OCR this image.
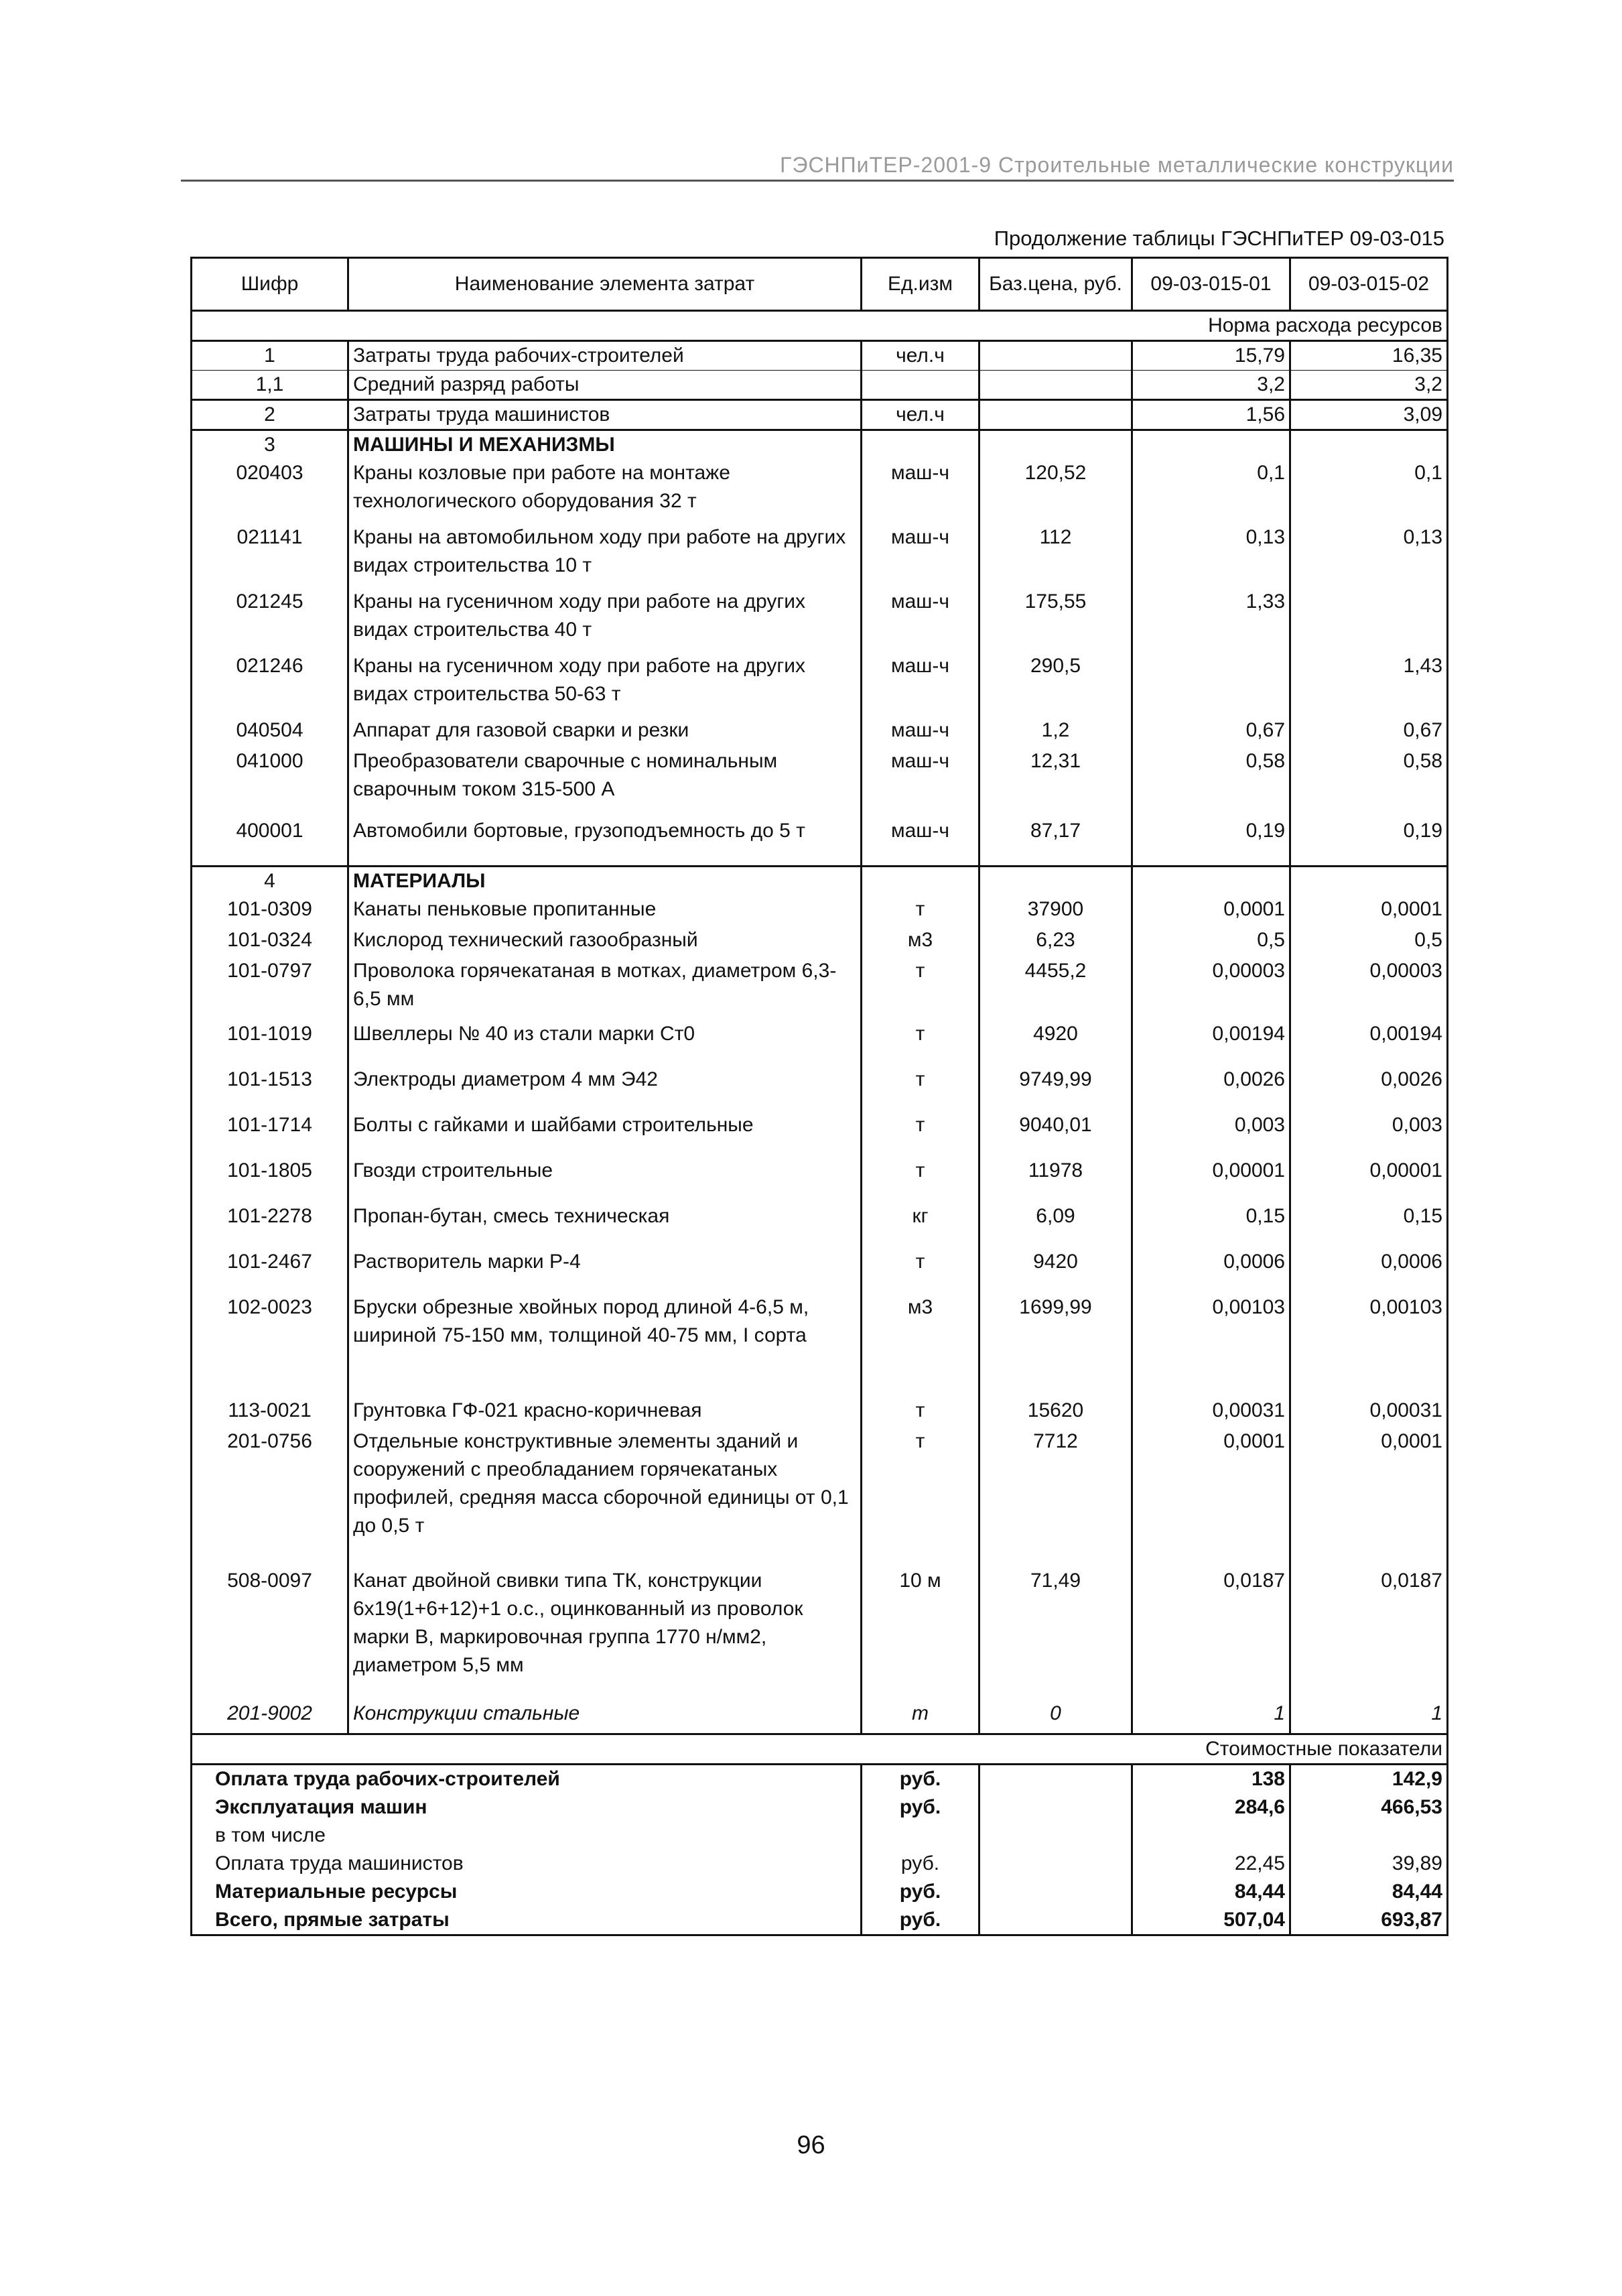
ГЭСНПиТЕР-2001-9 Строительные металлические конструкции
Продолжение таблицы ГЭСНПиТЕР 09-03-015
Шифр	Наименование элемента затрат	Ед.изм	Баз.цена, руб.	09-03-015-01	09-03-015-02
Норма расхода ресурсов					
1	Затраты труда рабочих-строителей	чел.ч		15,79	16,35
1,1	Средний разряд работы			3,2	3,2
2	Затраты труда машинистов	чел.ч		1,56	3,09
3	МАШИНЫ И МЕХАНИЗМЫ				
020403	Краны козловые при работе на монтаже технологического оборудования 32 т	маш-ч	120,52	0,1	0,1
021141	Краны на автомобильном ходу при работе на других видах строительства 10 т	маш-ч	112	0,13	0,13
021245	Краны на гусеничном ходу при работе на других видах строительства 40 т	маш-ч	175,55	1,33	
021246	Краны на гусеничном ходу при работе на других видах строительства 50-63 т	маш-ч	290,5		1,43
040504	Аппарат для газовой сварки и резки	маш-ч	1,2	0,67	0,67
041000	Преобразователи сварочные с номинальным сварочным током 315-500 А	маш-ч	12,31	0,58	0,58
400001	Автомобили бортовые, грузоподъемность до 5 т	маш-ч	87,17	0,19	0,19
4	МАТЕРИАЛЫ				
101-0309	Канаты пеньковые пропитанные	т	37900	0,0001	0,0001
101-0324	Кислород технический газообразный	м3	6,23	0,5	0,5
101-0797	Проволока горячекатаная в мотках, диаметром 6,3-6,5 мм	т	4455,2	0,00003	0,00003
101-1019	Швеллеры № 40 из стали марки Ст0	т	4920	0,00194	0,00194
101-1513	Электроды диаметром 4 мм Э42	т	9749,99	0,0026	0,0026
101-1714	Болты с гайками и шайбами строительные	т	9040,01	0,003	0,003
101-1805	Гвозди строительные	т	11978	0,00001	0,00001
101-2278	Пропан-бутан, смесь техническая	кг	6,09	0,15	0,15
101-2467	Растворитель марки Р-4	т	9420	0,0006	0,0006
102-0023	Бруски обрезные хвойных пород длиной 4-6,5 м, шириной 75-150 мм, толщиной 40-75 мм, I сорта	м3	1699,99	0,00103	0,00103
113-0021	Грунтовка ГФ-021 красно-коричневая	т	15620	0,00031	0,00031
201-0756	Отдельные конструктивные элементы зданий и сооружений с преобладанием горячекатаных профилей, средняя масса сборочной единицы от 0,1 до 0,5 т	т	7712	0,0001	0,0001
508-0097	Канат двойной свивки типа ТК, конструкции 6х19(1+6+12)+1 о.с., оцинкованный из проволок марки В, маркировочная группа 1770 н/мм2, диаметром 5,5 мм	10 м	71,49	0,0187	0,0187
201-9002	Конструкции стальные	т	0	1	1
Стоимостные показатели					
Оплата труда рабочих-строителей		руб.		138	142,9
Эксплуатация машин		руб.		284,6	466,53
в том числе					
Оплата труда машинистов		руб.		22,45	39,89
Материальные ресурсы		руб.		84,44	84,44
Всего, прямые затраты		руб.		507,04	693,87
96
